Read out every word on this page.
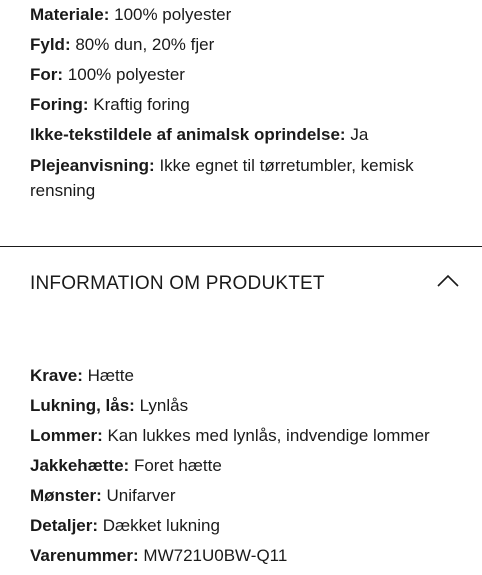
Materiale: 100% polyester
Fyld: 80% dun, 20% fjer
For: 100% polyester
Foring: Kraftig foring
Ikke-tekstildele af animalsk oprindelse: Ja
Plejeanvisning: Ikke egnet til tørretumbler, kemisk rensning
INFORMATION OM PRODUKTET
Krave: Hætte
Lukning, lås: Lynlås
Lommer: Kan lukkes med lynlås, indvendige lommer
Jakkehætte: Foret hætte
Mønster: Unifarver
Detaljer: Dækket lukning
Varenummer: MW721U0BW-Q11
